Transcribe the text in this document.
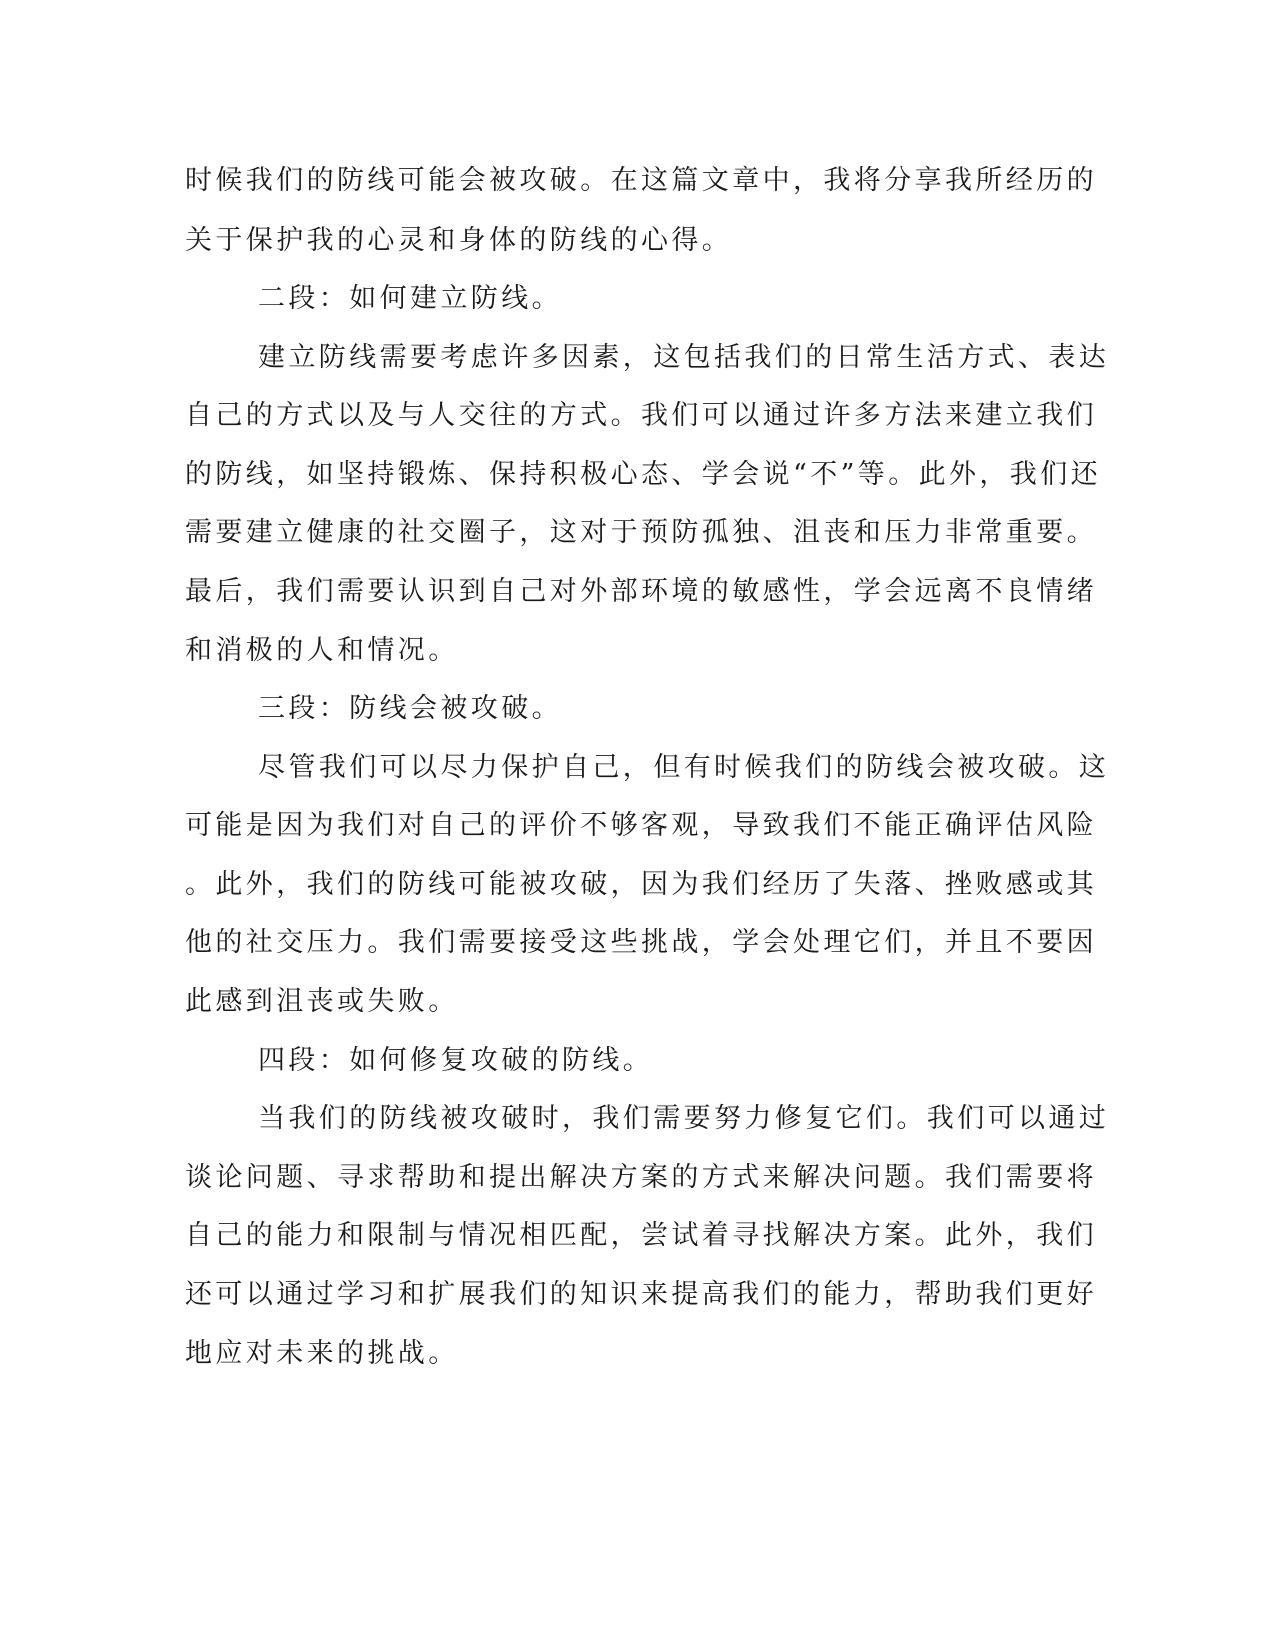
时候我们的防线可能会被攻破。在这篇文章中，我将分享我所经历的
关于保护我的心灵和身体的防线的心得。
二段：如何建立防线。
建立防线需要考虑许多因素，这包括我们的日常生活方式、表达
自己的方式以及与人交往的方式。我们可以通过许多方法来建立我们
的防线，如坚持锻炼、保持积极心态、学会说“不”等。此外，我们还
需要建立健康的社交圈子，这对于预防孤独、沮丧和压力非常重要。
最后，我们需要认识到自己对外部环境的敏感性，学会远离不良情绪
和消极的人和情况。
三段：防线会被攻破。
尽管我们可以尽力保护自己，但有时候我们的防线会被攻破。这
可能是因为我们对自己的评价不够客观，导致我们不能正确评估风险
。此外，我们的防线可能被攻破，因为我们经历了失落、挫败感或其
他的社交压力。我们需要接受这些挑战，学会处理它们，并且不要因
此感到沮丧或失败。
四段：如何修复攻破的防线。
当我们的防线被攻破时，我们需要努力修复它们。我们可以通过
谈论问题、寻求帮助和提出解决方案的方式来解决问题。我们需要将
自己的能力和限制与情况相匹配，尝试着寻找解决方案。此外，我们
还可以通过学习和扩展我们的知识来提高我们的能力，帮助我们更好
地应对未来的挑战。
